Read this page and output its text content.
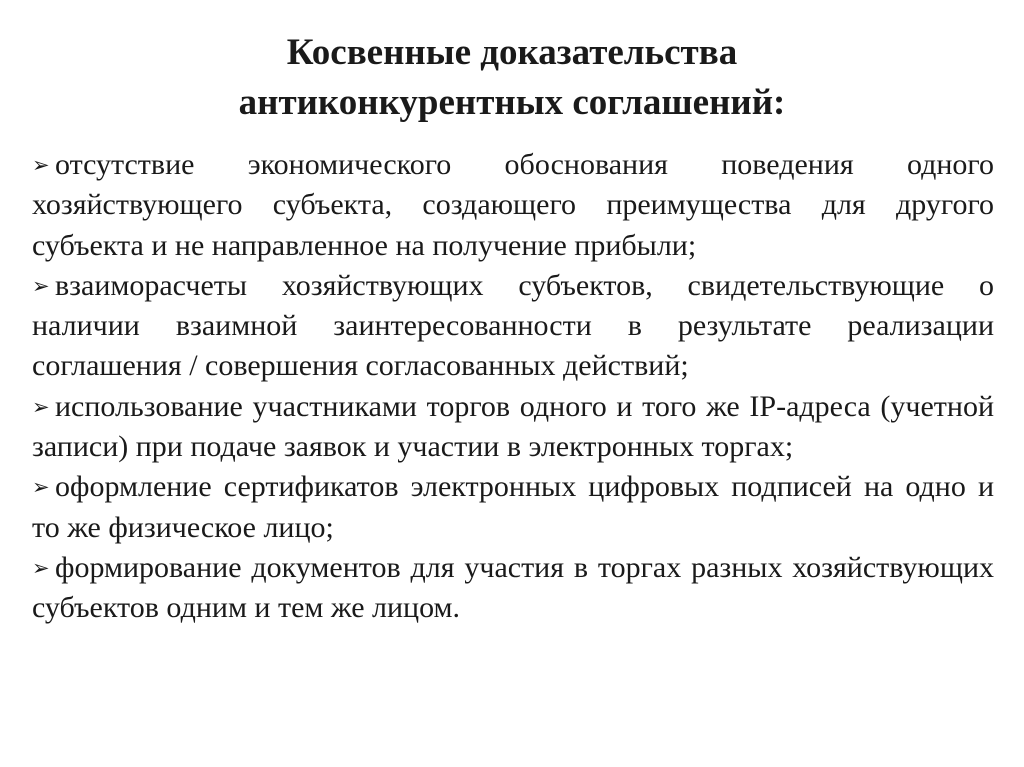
Косвенные доказательства
антиконкурентных соглашений:
➢ отсутствие экономического обоснования поведения одного хозяйствующего субъекта, создающего преимущества для другого субъекта и не направленное на получение прибыли;
➢ взаиморасчеты хозяйствующих субъектов, свидетельствующие о наличии взаимной заинтересованности в результате реализации соглашения / совершения согласованных действий;
➢ использование участниками торгов одного и того же IP-адреса (учетной записи) при подаче заявок и участии в электронных торгах;
➢ оформление сертификатов электронных цифровых подписей на одно и то же физическое лицо;
➢ формирование документов для участия в торгах разных хозяйствующих субъектов одним и тем же лицом.
